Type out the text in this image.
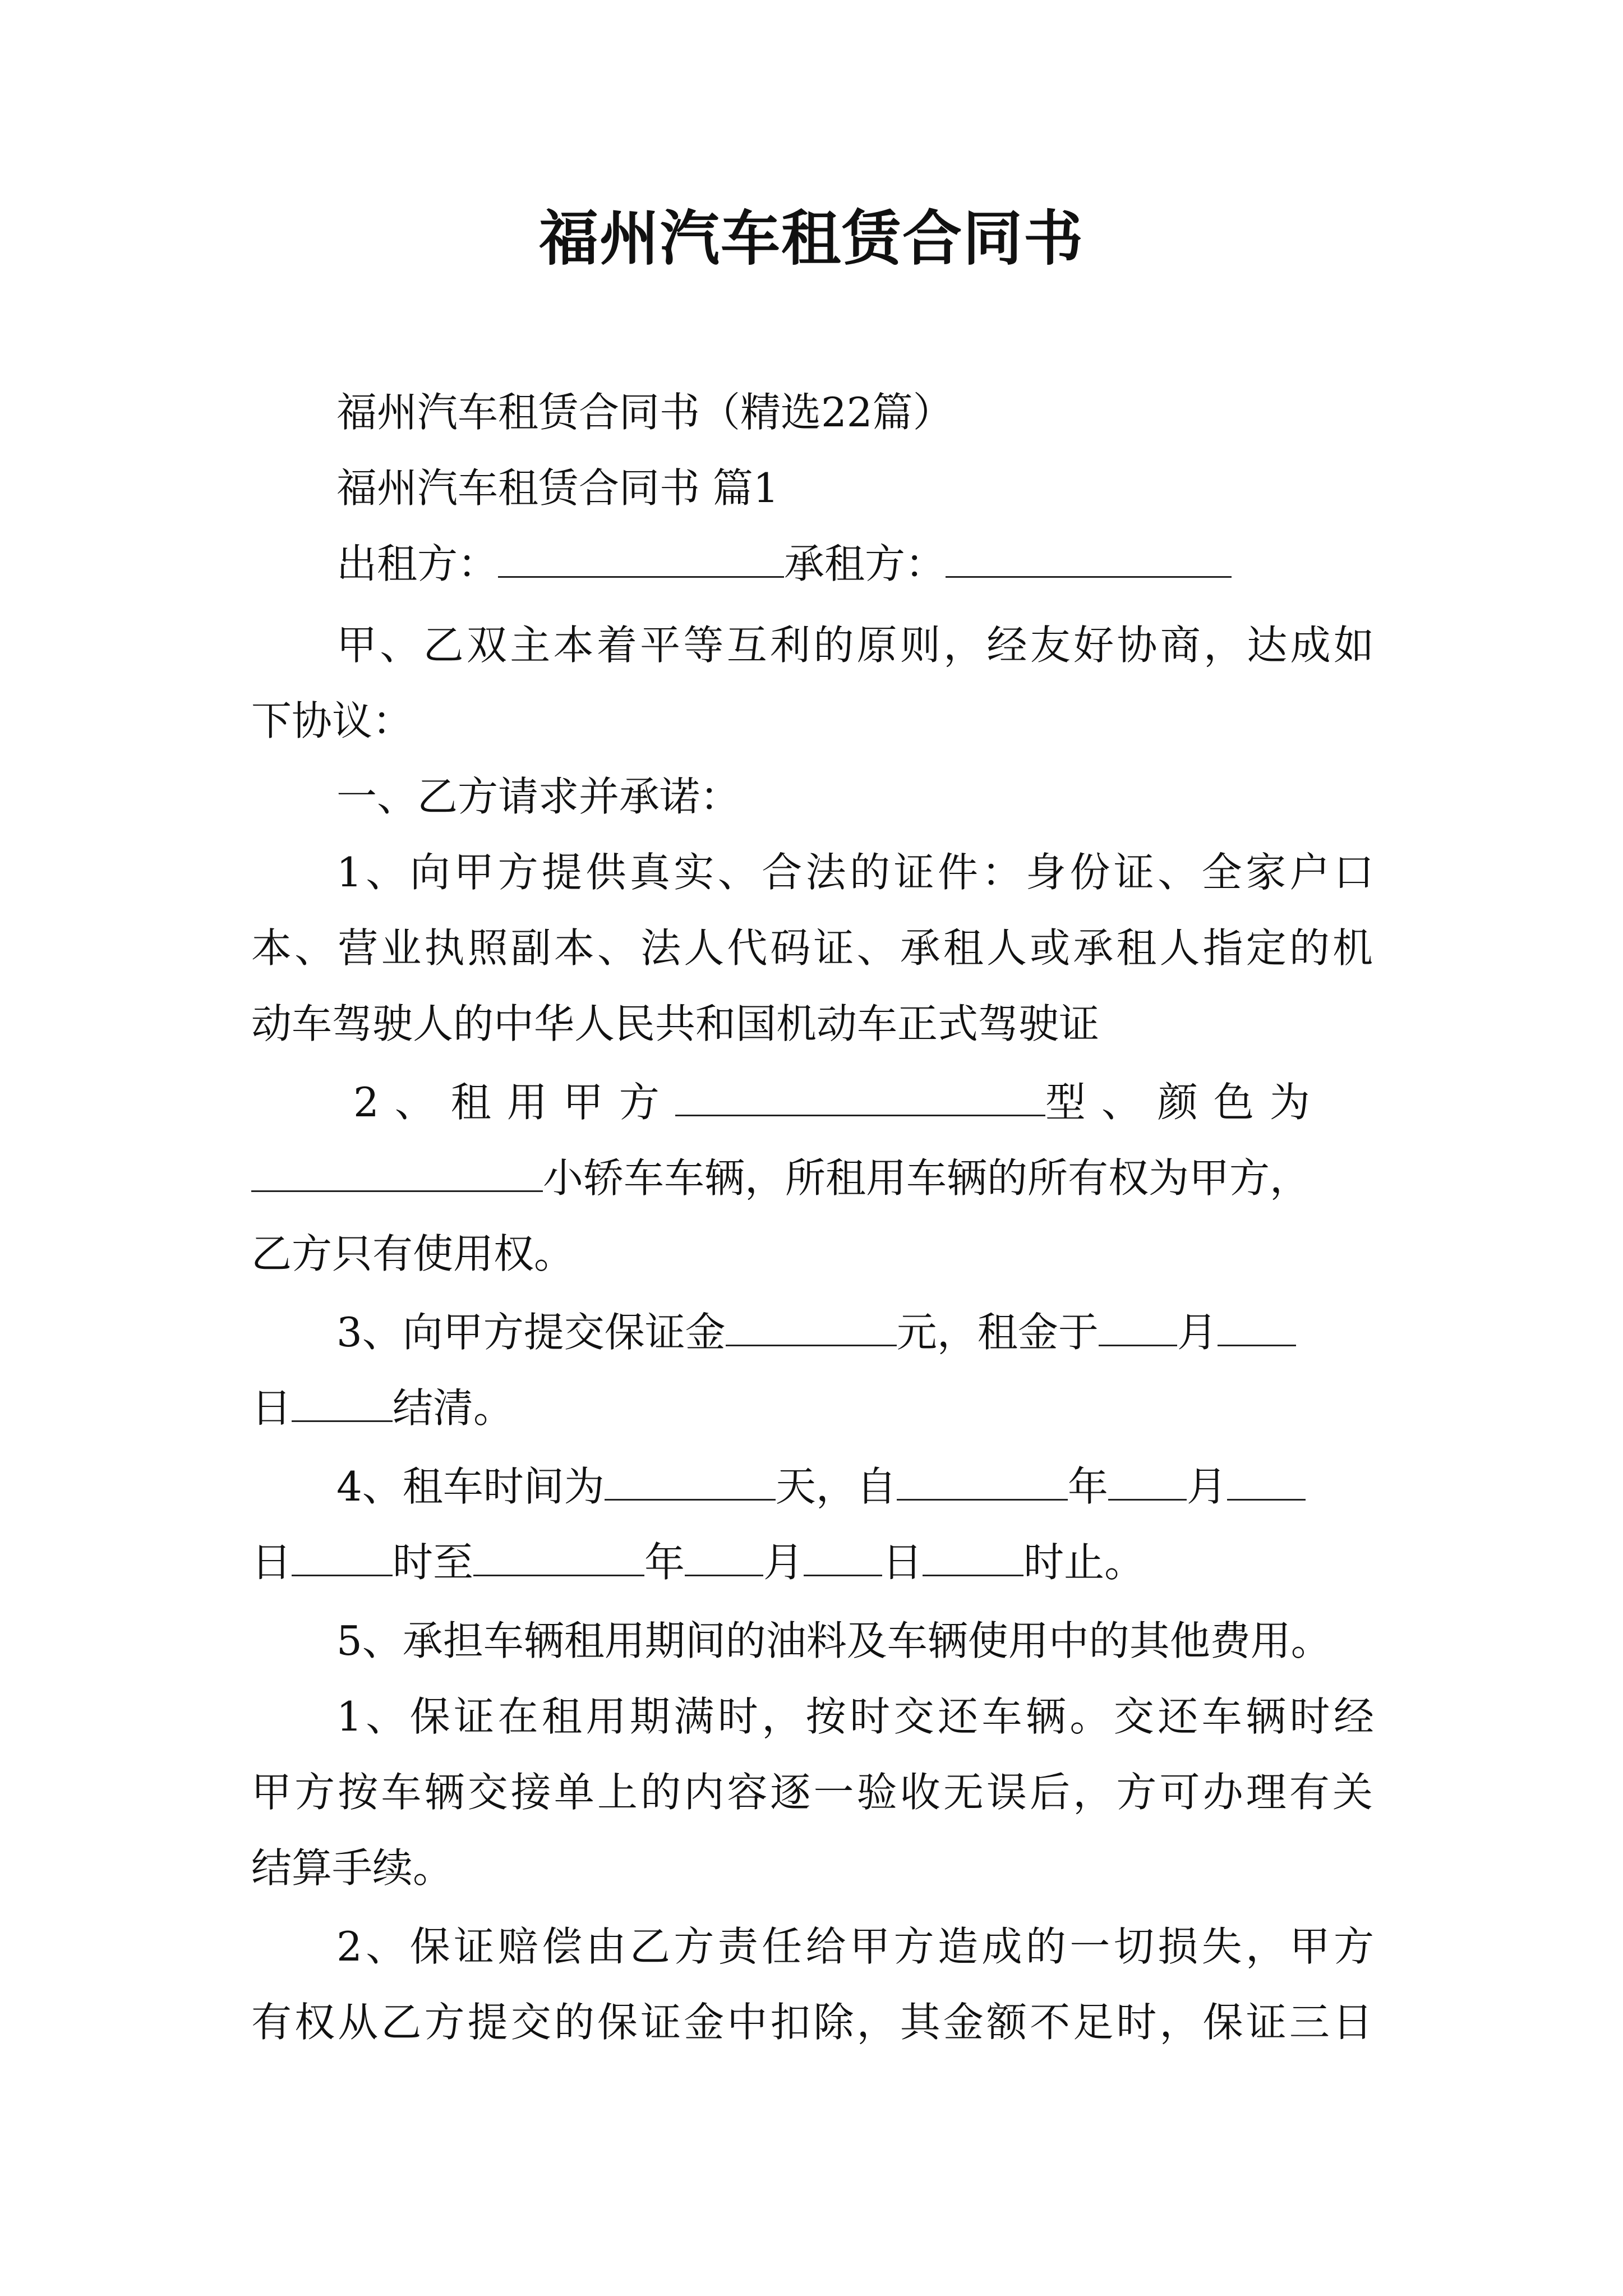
福州汽车租赁合同书
福州汽车租赁合同书（精选22篇）
福州汽车租赁合同书 篇1
出租方：	承租方：
甲、乙双主本着平等互利的原则，经友好协商，达成如
下协议：
一、乙方请求并承诺：
1、向甲方提供真实、合法的证件：身份证、全家户口
本、营业执照副本、法人代码证、承租人或承租人指定的机
动车驾驶人的中华人民共和国机动车正式驾驶证
2、租用甲方	型、颜色为
小轿车车辆，所租用车辆的所有权为甲方，
乙方只有使用权。
3、向甲方提交保证金	元，租金于 月
日	结清。
4、租车时间为	天，自	年 月
日	时至	年 月 日	时止。
5、承担车辆租用期间的油料及车辆使用中的其他费用。
1、保证在租用期满时，按时交还车辆。交还车辆时经
甲方按车辆交接单上的内容逐一验收无误后，方可办理有关
结算手续。
2、保证赔偿由乙方责任给甲方造成的一切损失，甲方
有权从乙方提交的保证金中扣除，其金额不足时，保证三日
